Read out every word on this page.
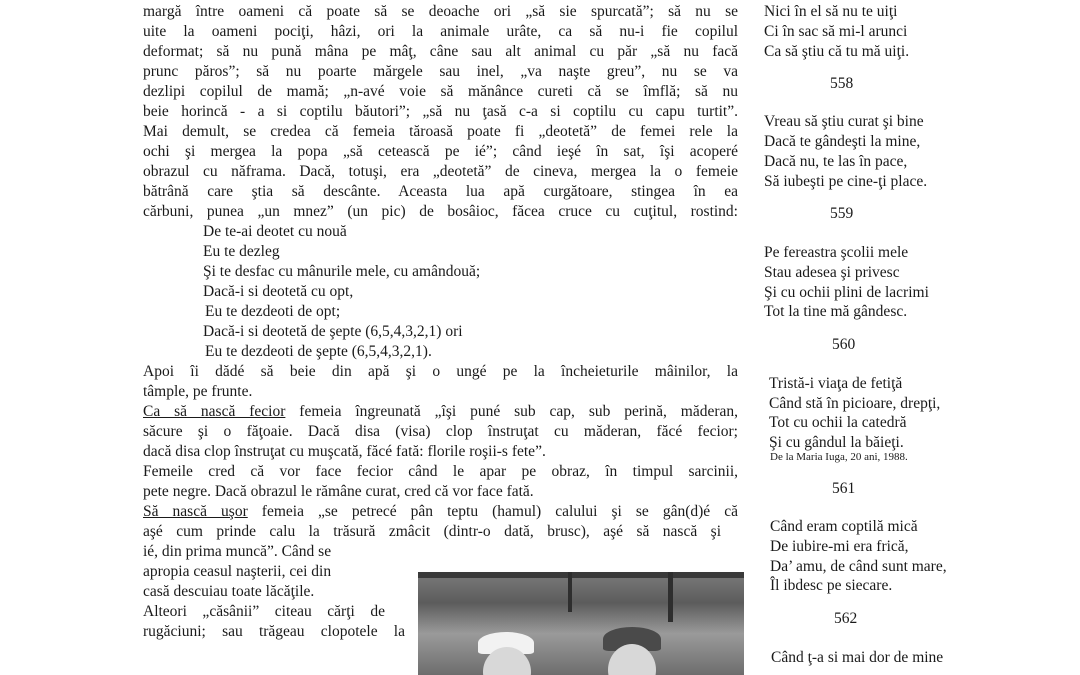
margă între oameni că poate să se deoache ori „să sie spurcată”; să nu se
uite la oameni pociţi, hâzi, ori la animale urâte, ca să nu-i fie copilul
deformat; să nu pună mâna pe mâţ, câne sau alt animal cu păr „să nu facă
prunc păros”; să nu poarte mărgele sau inel, „va naşte greu”, nu se va
dezlipi copilul de mamă; „n-avé voie să mănânce cureti că se îmflă; să nu
beie horincă - a si coptilu băutori”; „să nu ţasă c-a si coptilu cu capu turtit”.
Mai demult, se credea că femeia tăroasă poate fi „deotetă” de femei rele la
ochi şi mergea la popa „să cetească pe ié”; când ieşé în sat, îşi acoperé
obrazul cu năframa. Dacă, totuşi, era „deotetă” de cineva, mergea la o femeie
bătrână care ştia să descânte. Aceasta lua apă curgătoare, stingea în ea
cărbuni, punea „un mnez” (un pic) de bosâioc, făcea cruce cu cuţitul, rostind:
De te-ai deotet cu nouă
Eu te dezleg
Şi te desfac cu mânurile mele, cu amândouă;
Dacă-i si deotetă cu opt,
Eu te dezdeoti de opt;
Dacă-i si deotetă de şepte (6,5,4,3,2,1) ori
Eu te dezdeoti de şepte (6,5,4,3,2,1).
Apoi îi dădé să beie din apă şi o ungé pe la încheieturile mâinilor, la
tâmple, pe frunte.
Ca să nască fecior femeia îngreunată „îşi puné sub cap, sub perină, măderan,
săcure şi o făţoaie. Dacă disa (visa) clop înstruţat cu măderan, făcé fecior;
dacă disa clop înstruţat cu muşcată, făcé fată: florile roşii-s fete”.
Femeile cred că vor face fecior când le apar pe obraz, în timpul sarcinii,
pete negre. Dacă obrazul le rămâne curat, cred că vor face fată.
Să nască uşor femeia „se petrecé pân teptu (hamul) calului şi se gân(d)é că
aşé cum prinde calu la trăsură zmâcit (dintr-o dată, brusc), aşé să nască şi
ié, din prima muncă”. Când se
apropia ceasul naşterii, cei din
casă descuiau toate lăcăţile.
Alteori „căsânii” citeau cărţi de
rugăciuni; sau trăgeau clopotele la
Nici în el să nu te uiţi
Ci în sac să mi-l arunci
Ca să ştiu că tu mă uiţi.
558
Vreau să ştiu curat şi bine
Dacă te gândeşti la mine,
Dacă nu, te las în pace,
Să iubeşti pe cine-ţi place.
559
Pe fereastra şcolii mele
Stau adesea şi privesc
Şi cu ochii plini de lacrimi
Tot la tine mă gândesc.
560
Tristă-i viaţa de fetiţă
Când stă în picioare, drepţi,
Tot cu ochii la catedră
Şi cu gândul la băieţi.
De la Maria Iuga, 20 ani, 1988.
561
Când eram coptilă mică
De iubire-mi era frică,
Da’ amu, de când sunt mare,
Îl ibdesc pe siecare.
562
Când ţ-a si mai dor de mine
